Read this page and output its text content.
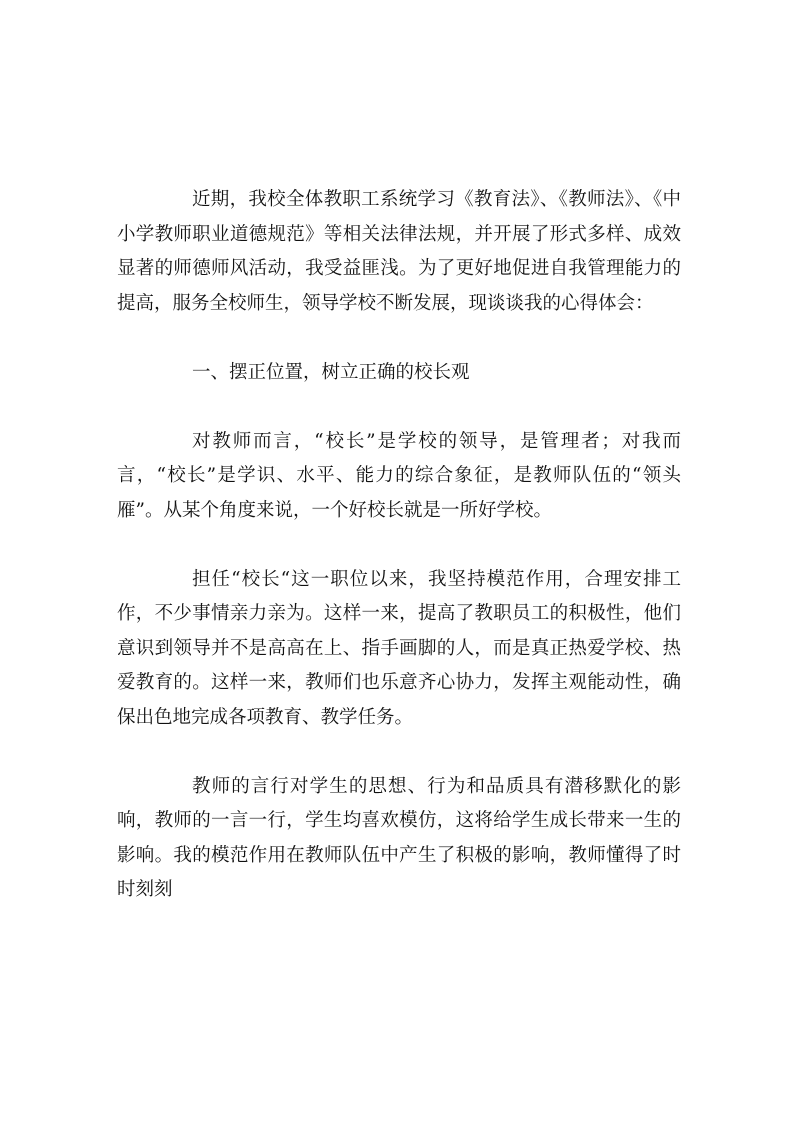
近期，我校全体教职工系统学习《教育法》、《教师法》、《中小学教师职业道德规范》等相关法律法规，并开展了形式多样、成效显著的师德师风活动，我受益匪浅。为了更好地促进自我管理能力的提高，服务全校师生，领导学校不断发展，现谈谈我的心得体会：

一、摆正位置，树立正确的校长观

对教师而言，“校长”是学校的领导，是管理者；对我而言，“校长”是学识、水平、能力的综合象征，是教师队伍的“领头雁”。从某个角度来说，一个好校长就是一所好学校。

担任“校长“这一职位以来，我坚持模范作用，合理安排工作，不少事情亲力亲为。这样一来，提高了教职员工的积极性，他们意识到领导并不是高高在上、指手画脚的人，而是真正热爱学校、热爱教育的。这样一来，教师们也乐意齐心协力，发挥主观能动性，确保出色地完成各项教育、教学任务。

教师的言行对学生的思想、行为和品质具有潜移默化的影响，教师的一言一行，学生均喜欢模仿，这将给学生成长带来一生的影响。我的模范作用在教师队伍中产生了积极的影响，教师懂得了时时刻刻
